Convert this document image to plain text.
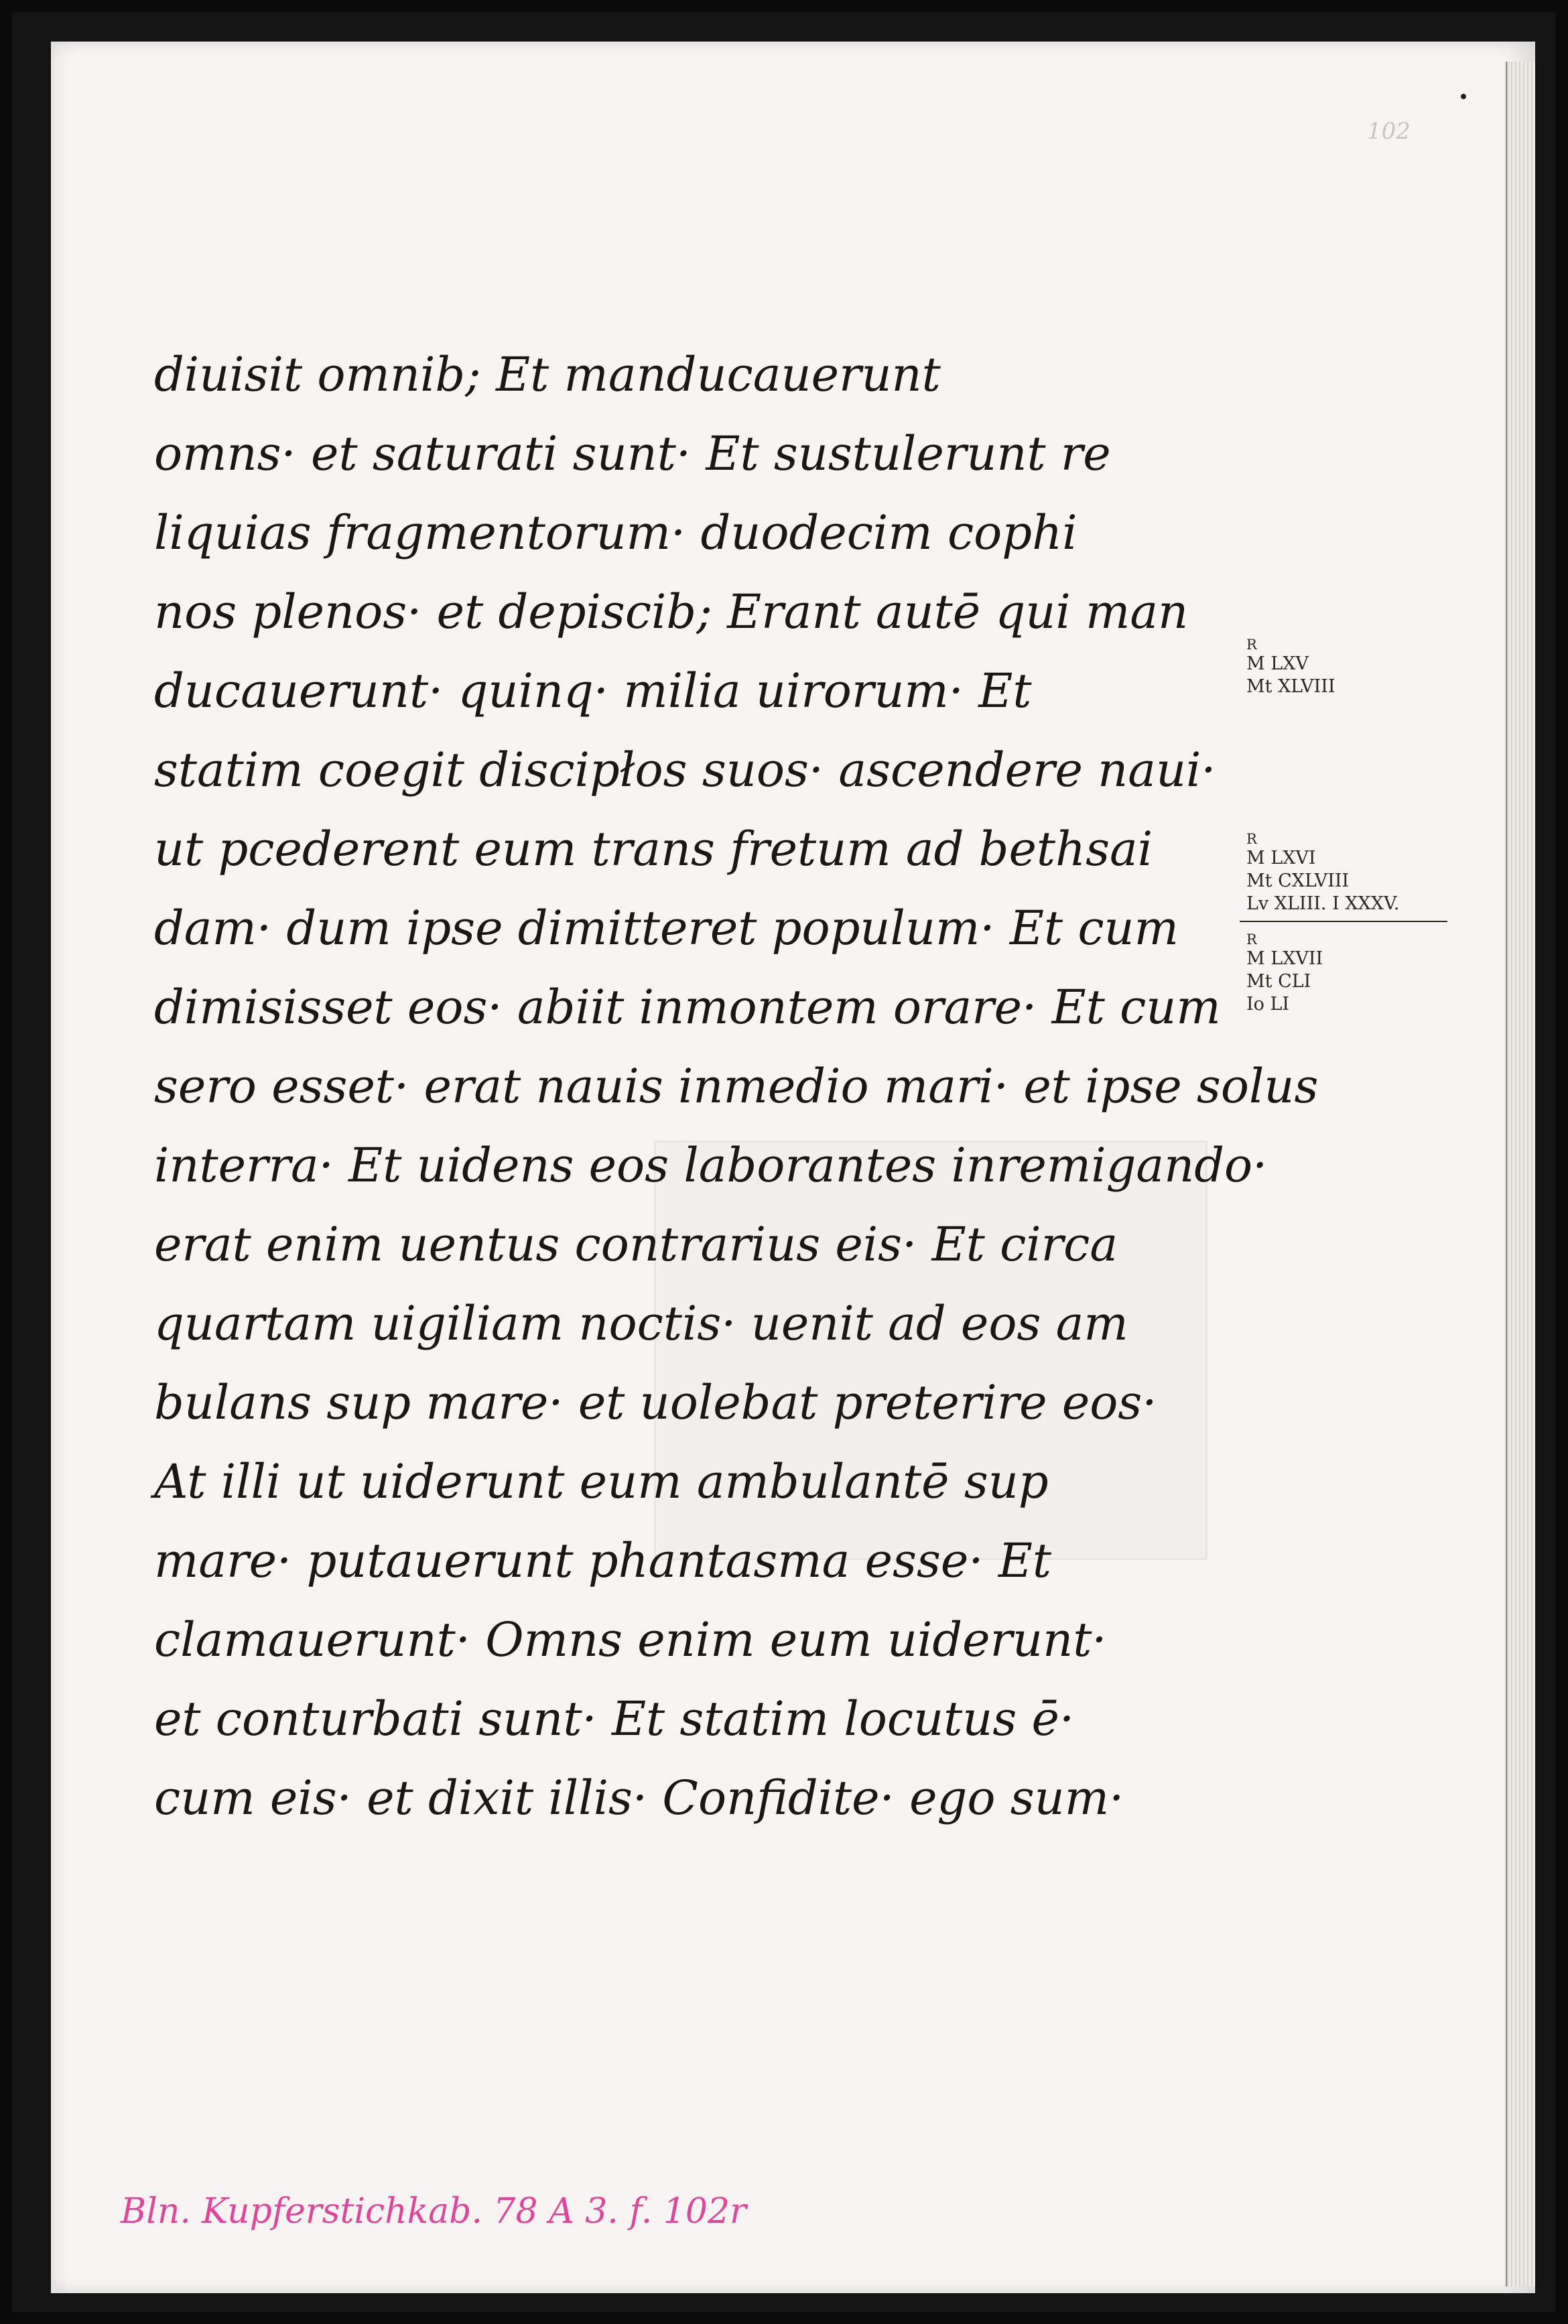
102
diuisit omnib; Et manducauerunt
omns· et saturati sunt· Et sustulerunt re
liquias fragmentorum· duodecim cophi
nos plenos· et depiscib; Erant autē qui man
ducauerunt· quinq· milia uirorum· Et
statim coegit discipłos suos· ascendere naui·
ut pcederent eum trans fretum ad bethsai
dam· dum ipse dimitteret populum· Et cum
dimisisset eos· abiit inmontem orare· Et cum
sero esset· erat nauis inmedio mari· et ipse solus
interra· Et uidens eos laborantes inremigando·
erat enim uentus contrarius eis· Et circa
quartam uigiliam noctis· uenit ad eos am
bulans sup mare· et uolebat preterire eos·
At illi ut uiderunt eum ambulantē sup
mare· putauerunt phantasma esse· Et
clamauerunt· Omns enim eum uiderunt·
et conturbati sunt· Et statim locutus ē·
cum eis· et dixit illis· Confidite· ego sum·
R
M LXV
Mt XLVIII
R
M LXVI
Mt CXLVIII
Lv XLIII. I XXXV.
R
M LXVII
Mt CLI
Io LI
Bln. Kupferstichkab. 78 A 3. f. 102r
